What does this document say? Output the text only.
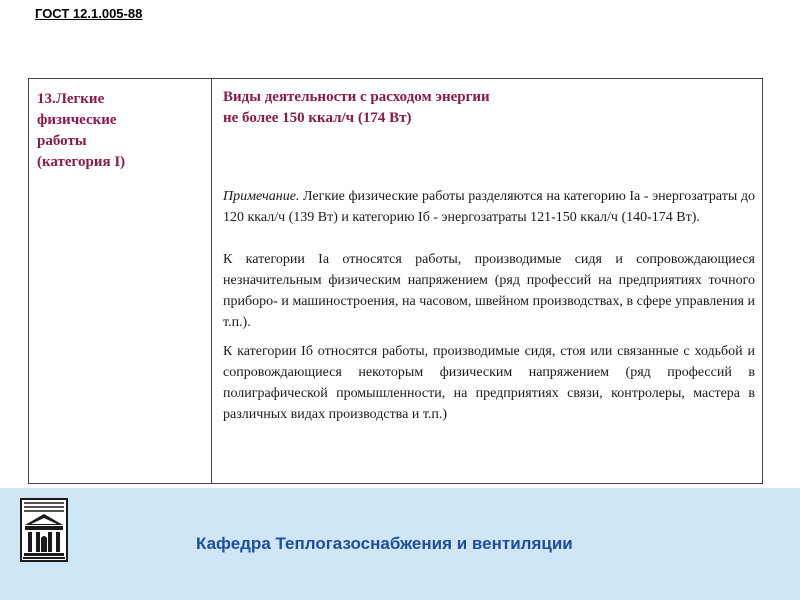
ГОСТ 12.1.005-88
13.Легкие
физические
работы
(категория I)
Виды деятельности с расходом энергии
не более 150 ккал/ч (174 Вт)
Примечание. Легкие физические работы разделяются на категорию Iа - энергозатраты до 120 ккал/ч (139 Вт) и категорию Iб - энергозатраты 121-150 ккал/ч (140-174 Вт).
К категории Iа относятся работы, производимые сидя и сопровождающиеся незначительным физическим напряжением (ряд профессий на предприятиях точного приборо- и машиностроения, на часовом, швейном производствах, в сфере управления и т.п.).
К категории Iб относятся работы, производимые сидя, стоя или связанные с ходьбой и сопровождающиеся некоторым физическим напряжением (ряд профессий в полиграфической промышленности, на предприятиях связи, контролеры, мастера в различных видах производства и т.п.)
Кафедра Теплогазоснабжения и вентиляции
